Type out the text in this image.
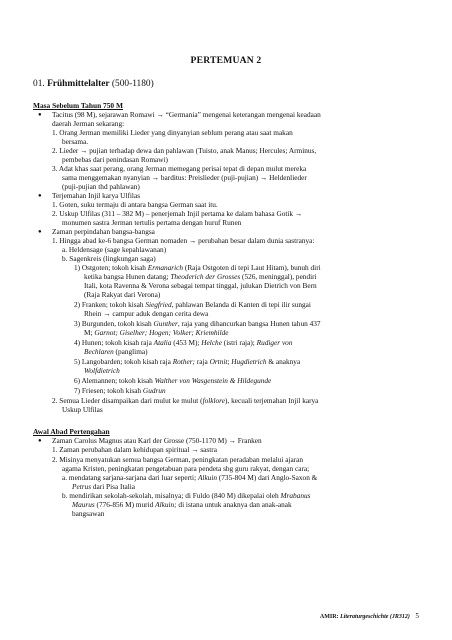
PERTEMUAN 2
01. Frühmittelalter (500-1180)
Masa Sebelum Tahun 750 M
● Tacitus (98 M), sejarawan Romawi → “Germania” mengenai keterangan mengenai keadaan
daerah Jerman sekarang:
1. Orang Jerman memiliki Lieder yang dinyanyian seblum perang atau saat makan
bersama.
2. Lieder → pujian terhadap dewa dan pahlawan (Tuisto, anak Manus; Hercules; Arminus,
pembebas dari penindasan Romawi)
3. Adat khas saat perang, orang Jerman memegang perisai tepat di depan mulut mereka
sama menggemakan nyanyian → barditus: Preislieder (puji-pujian) → Heldenlieder
(puji-pujian thd pahlawan)
● Terjemahan Injil karya Ulfilas
1. Goten, suku termaju di antara bangsa German saat itu.
2. Uskup Ulfilas (311 – 382 M) – penerjemah Injil pertama ke dalam bahasa Gotik →
monumen sastra Jerman tertulis pertama dengan huruf Runen
● Zaman perpindahan bangsa-bangsa
1. Hingga abad ke-6 bangsa German nomaden → perubahan besar dalam dunia sastranya:
a. Heldensage (sage kepahlawanan)
b. Sagenkreis (lingkungan saga)
1) Ostgoten; tokoh kisah Ermanarich (Raja Ostgoten di tepi Laut Hitam), bunuh diri
ketika bangsa Hunen datang; Theoderich der Grosses (526, meninggal), pendiri
Itali, kota Ravenna & Verona sebagai tempat tinggal, julukan Dietrich von Bern
(Raja Rakyat dari Verona)
2) Franken; tokoh kisah Siegfried, pahlawan Belanda di Kanten di tepi ilir sungai
Rhein → campur aduk dengan cerita dewa
3) Burgunden, tokoh kisah Gunther, raja yang dihancurkan bangsa Hunen tahun 437
M; Garnot; Giselher; Hogen; Volker; Kriemhilde
4) Hunen; tokoh kisah raja Atalia (453 M); Helche (istri raja); Rudiger von
Bechlaren (panglima)
5) Langobarden; tokoh kisah raja Rother; raja Ortnit; Hugdietrich & anaknya
Wolfdietrich
6) Alemannen; tokoh kisah Walther von Wasgenstein & Hildegunde
7) Friesen; tokoh kisah Gudrun
2. Semua Lieder disampaikan dari mulut ke mulut (folklore), kecuali terjemahan Injil karya
Uskup Ulfilas
Awal Abad Pertengahan
● Zaman Carolus Magnus atau Karl der Grosse (750-1170 M) → Franken
1. Zaman perubahan dalam kehidupan spiritual → sastra
2. Misinya menyatukan semua bangsa German, peningkatan peradaban melalui ajaran
agama Kristen, peningkatan pengetabuan para pendeta sbg guru rakyat, dengan cara;
a. mendatang sarjana-sarjana dari luar seperti; Alkuin (735-804 M) dari Anglo-Saxon &
Petrus dari Pisa Italia
b. mendirikan sekolah-sekolah, misalnya; di Fuldo (840 M) dikepalai oleh Mrabanus
Maurus (776-856 M) murid Alkuin; di istana untuk anaknya dan anak-anak
bangsawan
AMIR: Literaturgeschichte (JR312) 5
